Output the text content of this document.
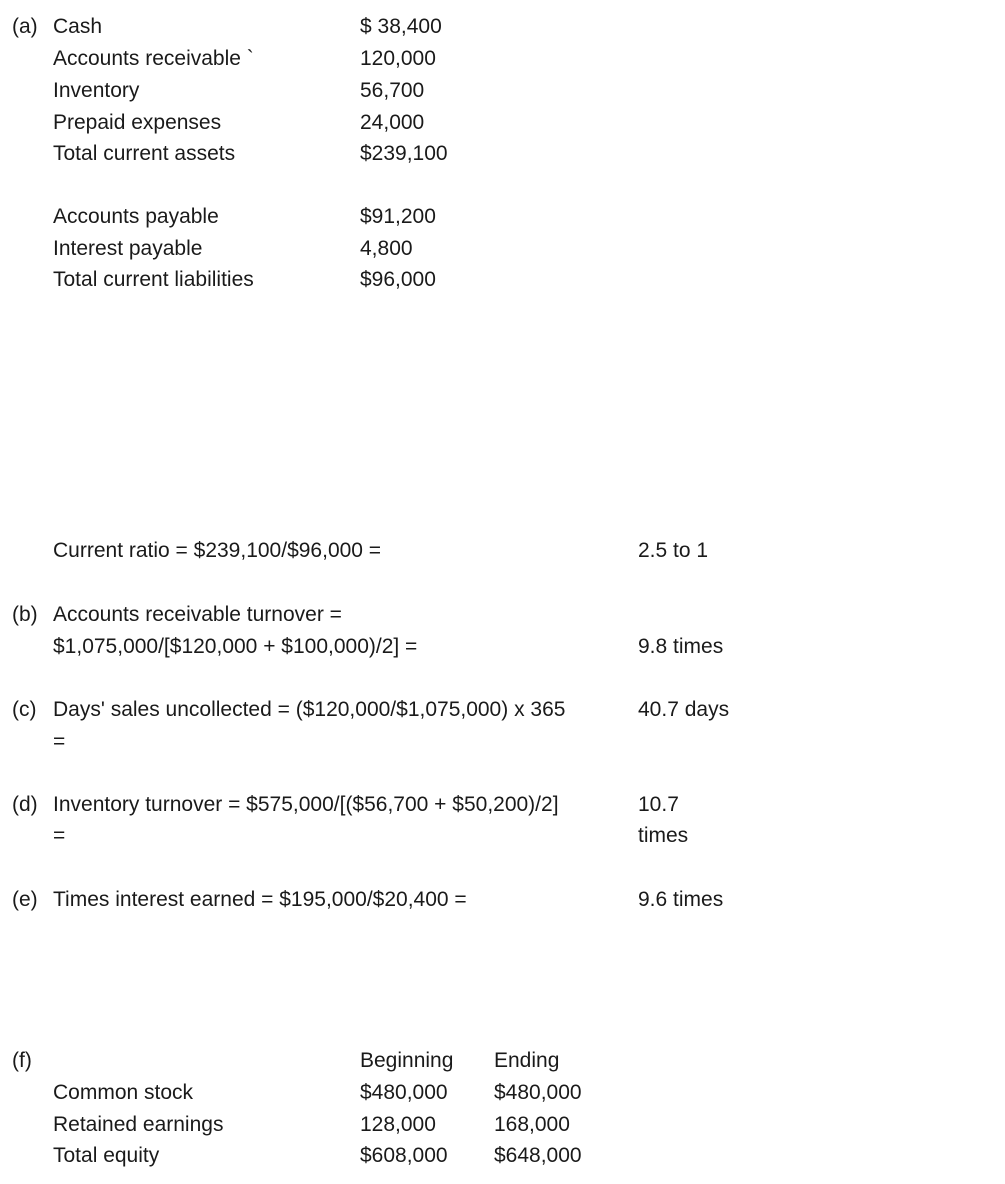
(a) Cash	$ 38,400
Accounts receivable `	120,000
Inventory	56,700
Prepaid expenses	24,000
Total current assets	$239,100
Accounts payable	$91,200
Interest payable	4,800
Total current liabilities	$96,000
Current ratio = $239,100/$96,000 =	2.5 to 1
(b) Accounts receivable turnover =
$1,075,000/[$120,000 + $100,000)/2] =	9.8 times
(c) Days' sales uncollected = ($120,000/$1,075,000) x 365	40.7 days
=
(d) Inventory turnover = $575,000/[($56,700 + $50,200)/2]	10.7
=	times
(e) Times interest earned = $195,000/$20,400 =	9.6 times
(f)	Beginning Ending
Common stock	$480,000 $480,000
Retained earnings	128,000	168,000
Total equity	$608,000 $648,000
